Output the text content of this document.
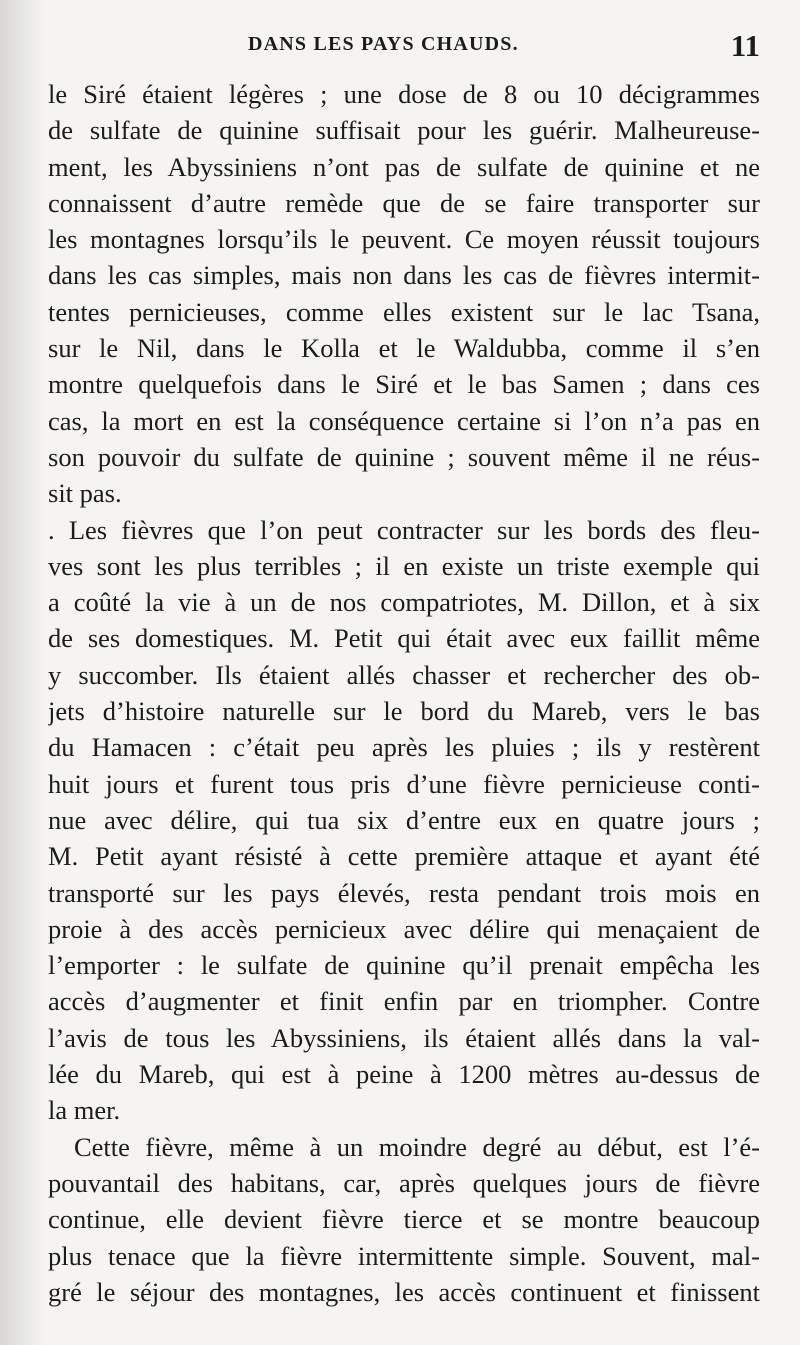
DANS LES PAYS CHAUDS.	11
le Siré étaient légères ; une dose de 8 ou 10 décigrammes
de sulfate de quinine suffisait pour les guérir. Malheureuse-
ment, les Abyssiniens n’ont pas de sulfate de quinine et ne
connaissent d’autre remède que de se faire transporter sur
les montagnes lorsqu’ils le peuvent. Ce moyen réussit toujours
dans les cas simples, mais non dans les cas de fièvres intermit-
tentes pernicieuses, comme elles existent sur le lac Tsana,
sur le Nil, dans le Kolla et le Waldubba, comme il s’en
montre quelquefois dans le Siré et le bas Samen ; dans ces
cas, la mort en est la conséquence certaine si l’on n’a pas en
son pouvoir du sulfate de quinine ; souvent même il ne réus-
sit pas.
. Les fièvres que l’on peut contracter sur les bords des fleu-
ves sont les plus terribles ; il en existe un triste exemple qui
a coûté la vie à un de nos compatriotes, M. Dillon, et à six
de ses domestiques. M. Petit qui était avec eux faillit même
y succomber. Ils étaient allés chasser et rechercher des ob-
jets d’histoire naturelle sur le bord du Mareb, vers le bas
du Hamacen : c’était peu après les pluies ; ils y restèrent
huit jours et furent tous pris d’une fièvre pernicieuse conti-
nue avec délire, qui tua six d’entre eux en quatre jours ;
M. Petit ayant résisté à cette première attaque et ayant été
transporté sur les pays élevés, resta pendant trois mois en
proie à des accès pernicieux avec délire qui menaçaient de
l’emporter : le sulfate de quinine qu’il prenait empêcha les
accès d’augmenter et finit enfin par en triompher. Contre
l’avis de tous les Abyssiniens, ils étaient allés dans la val-
lée du Mareb, qui est à peine à 1200 mètres au-dessus de
la mer.
Cette fièvre, même à un moindre degré au début, est l’é-
pouvantail des habitans, car, après quelques jours de fièvre
continue, elle devient fièvre tierce et se montre beaucoup
plus tenace que la fièvre intermittente simple. Souvent, mal-
gré le séjour des montagnes, les accès continuent et finissent
